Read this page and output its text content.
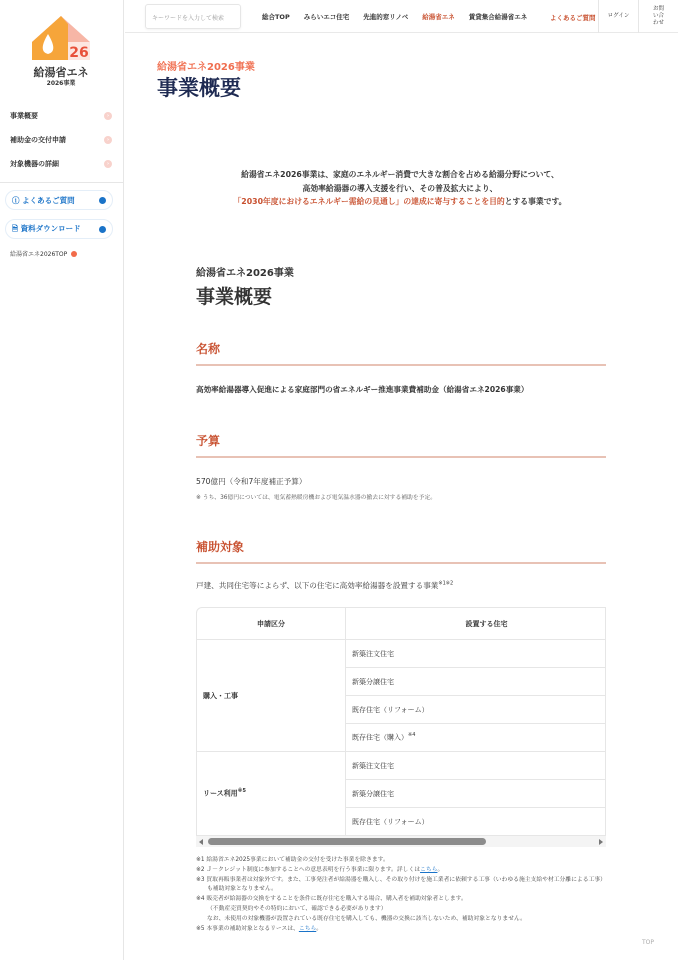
26
給湯省エネ
2026事業
事業概要	›
補助金の交付申請	›
対象機器の詳細	›
ⓘ よくあるご質問
🗎 資料ダウンロード
給湯省エネ2026TOP
キーワードを入力して検索	総合TOP みらいエコ住宅 先進的窓リノベ 給湯省エネ 賃貸集合給湯省エネ	よくあるご質問	ログイン
お問い合わせ
給湯省エネ2026事業
事業概要
給湯省エネ2026事業は、家庭のエネルギー消費で大きな割合を占める給湯分野について、
高効率給湯器の導入支援を行い、その普及拡大により、
「2030年度におけるエネルギー需給の見通し」の達成に寄与することを目的とする事業です。
給湯省エネ2026事業
事業概要
名称
高効率給湯器導入促進による家庭部門の省エネルギー推進事業費補助金（給湯省エネ2026事業）
予算
570億円（令和7年度補正予算）
※ うち、36億円については、電気蓄熱暖房機および電気温水器の撤去に対する補助を予定。
補助対象
戸建、共同住宅等によらず、以下の住宅に高効率給湯器を設置する事業$^{※1※2}$
申請区分	設置する住宅
購入・工事	新築注文住宅
	新築分譲住宅
	既存住宅（リフォーム）
	既存住宅（購入）$^{※4}$
リース利用$^{※5}$	新築注文住宅
	新築分譲住宅
	既存住宅（リフォーム）
※1 給湯省エネ2025事業において補助金の交付を受けた事業を除きます。
※2 Ｊ－クレジット制度に参加することへの意思表明を行う事業に限ります。詳しくはこちら。
※3 買取再販事業者は対象外です。また、工事発注者が給湯器を購入し、その取り付けを施工業者に依頼する工事（いわゆる施主支給や材工分離による工事）も補助対象となりません。
※4 販売者が給湯器の交換をすることを条件に既存住宅を購入する場合、購入者を補助対象者とします。
（不動産売買契約やその特約において、確認できる必要があります）
なお、未使用の対象機器が設置されている既存住宅を購入しても、機器の交換に該当しないため、補助対象となりません。
※5 本事業の補助対象となるリースは、こちら。
TOP
